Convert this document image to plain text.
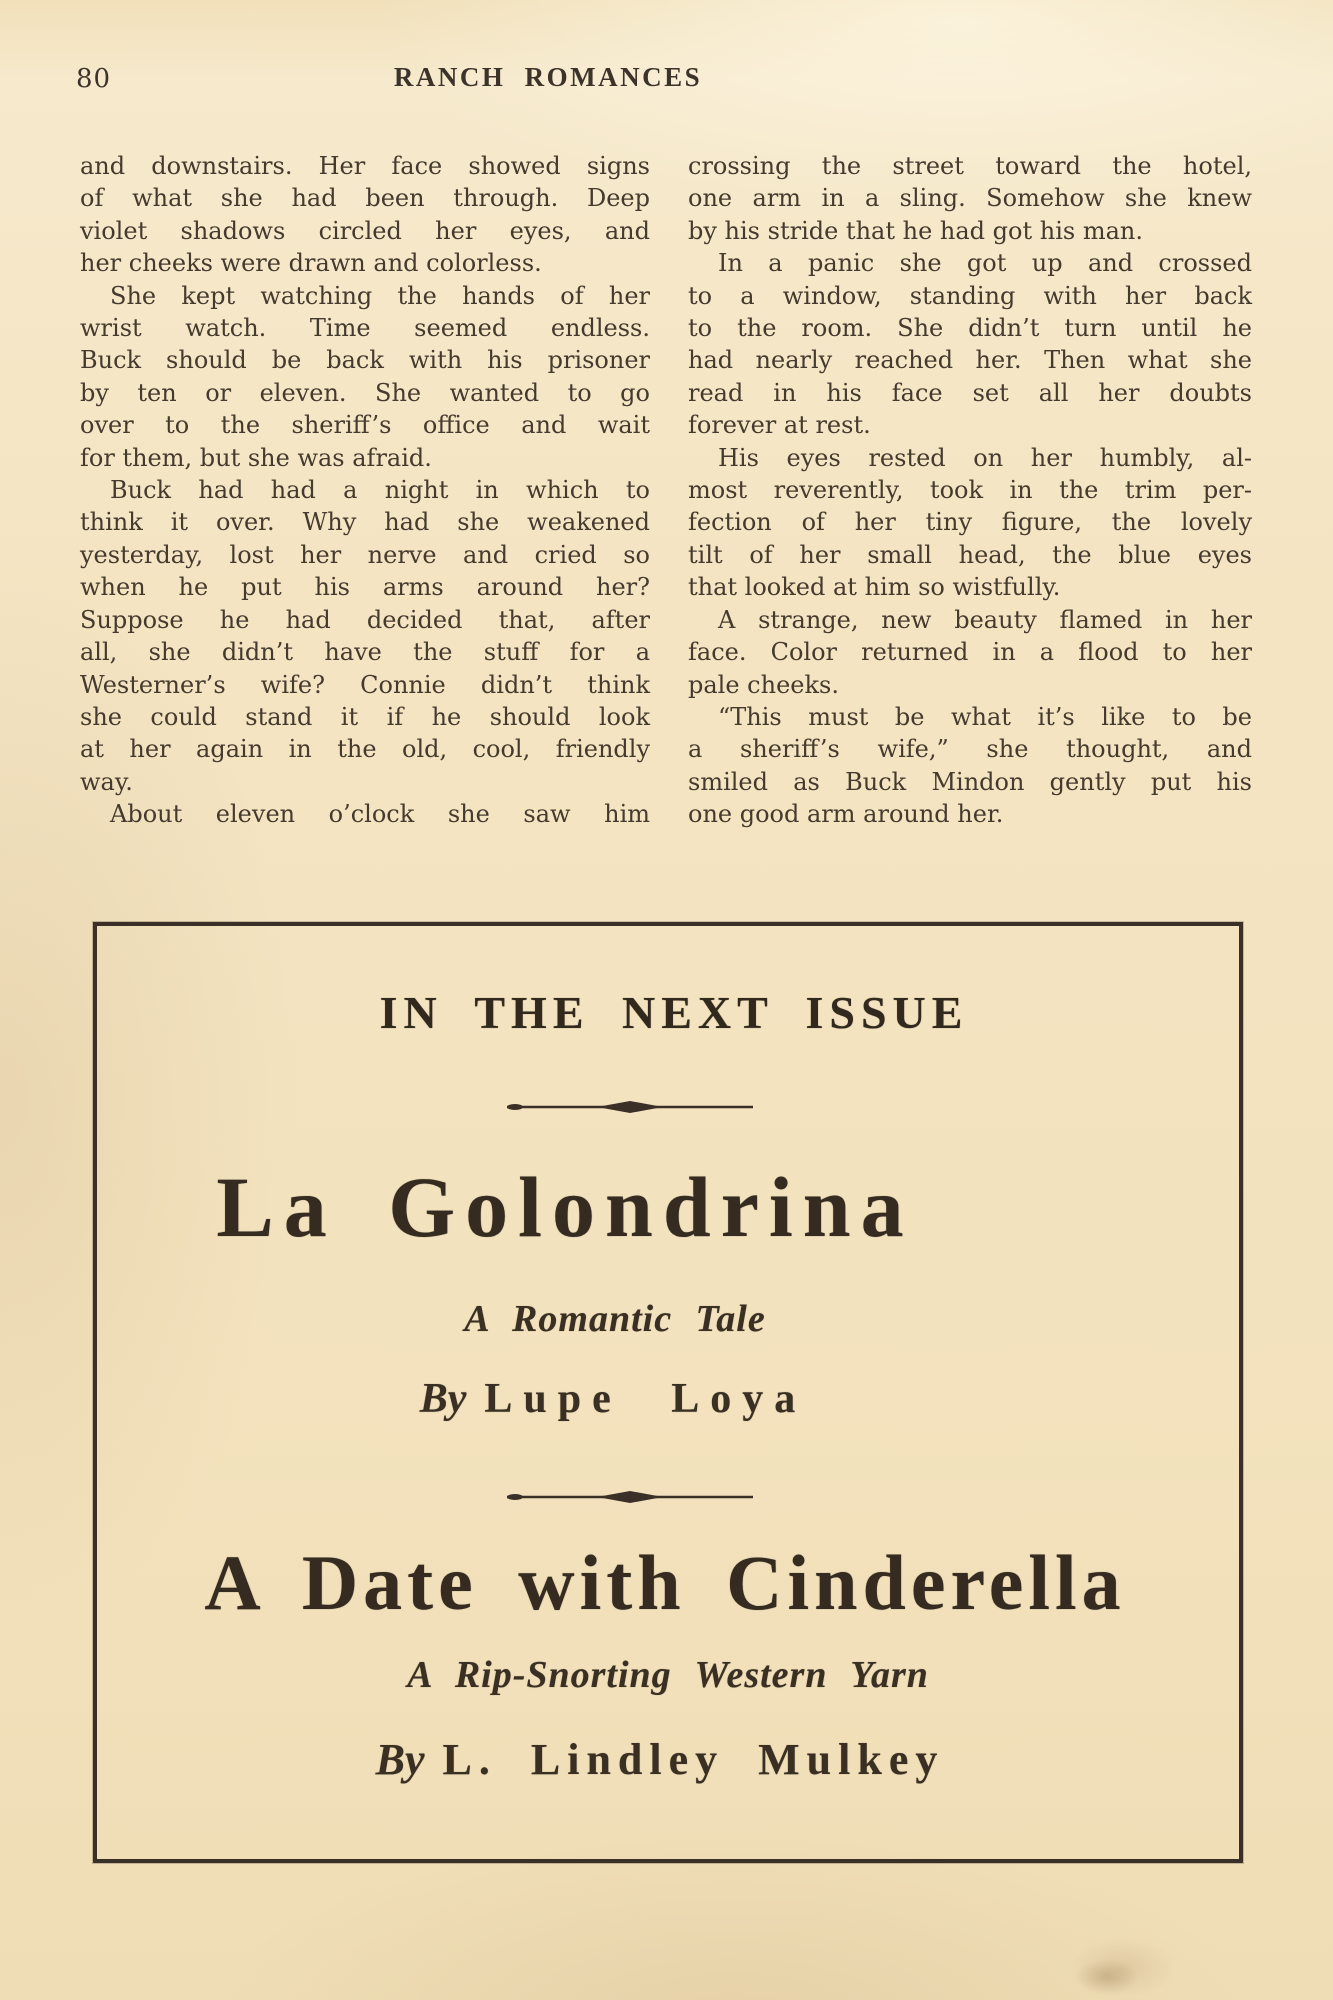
80	RANCH ROMANCES
and downstairs. Her face showed signs
of what she had been through. Deep
violet shadows circled her eyes, and
her cheeks were drawn and colorless.
She kept watching the hands of her
wrist watch. Time seemed endless.
Buck should be back with his prisoner
by ten or eleven. She wanted to go
over to the sheriff’s office and wait
for them, but she was afraid.
Buck had had a night in which to
think it over. Why had she weakened
yesterday, lost her nerve and cried so
when he put his arms around her?
Suppose he had decided that, after
all, she didn’t have the stuff for a
Westerner’s wife? Connie didn’t think
she could stand it if he should look
at her again in the old, cool, friendly
way.
About eleven o’clock she saw him
crossing the street toward the hotel,
one arm in a sling. Somehow she knew
by his stride that he had got his man.
In a panic she got up and crossed
to a window, standing with her back
to the room. She didn’t turn until he
had nearly reached her. Then what she
read in his face set all her doubts
forever at rest.
His eyes rested on her humbly, al-
most reverently, took in the trim per-
fection of her tiny figure, the lovely
tilt of her small head, the blue eyes
that looked at him so wistfully.
A strange, new beauty flamed in her
face. Color returned in a flood to her
pale cheeks.
“This must be what it’s like to be
a sheriff’s wife,” she thought, and
smiled as Buck Mindon gently put his
one good arm around her.
IN THE NEXT ISSUE
La Golondrina
A Romantic Tale
By Lupe Loya
A Date with Cinderella
A Rip-Snorting Western Yarn
By L. Lindley Mulkey
